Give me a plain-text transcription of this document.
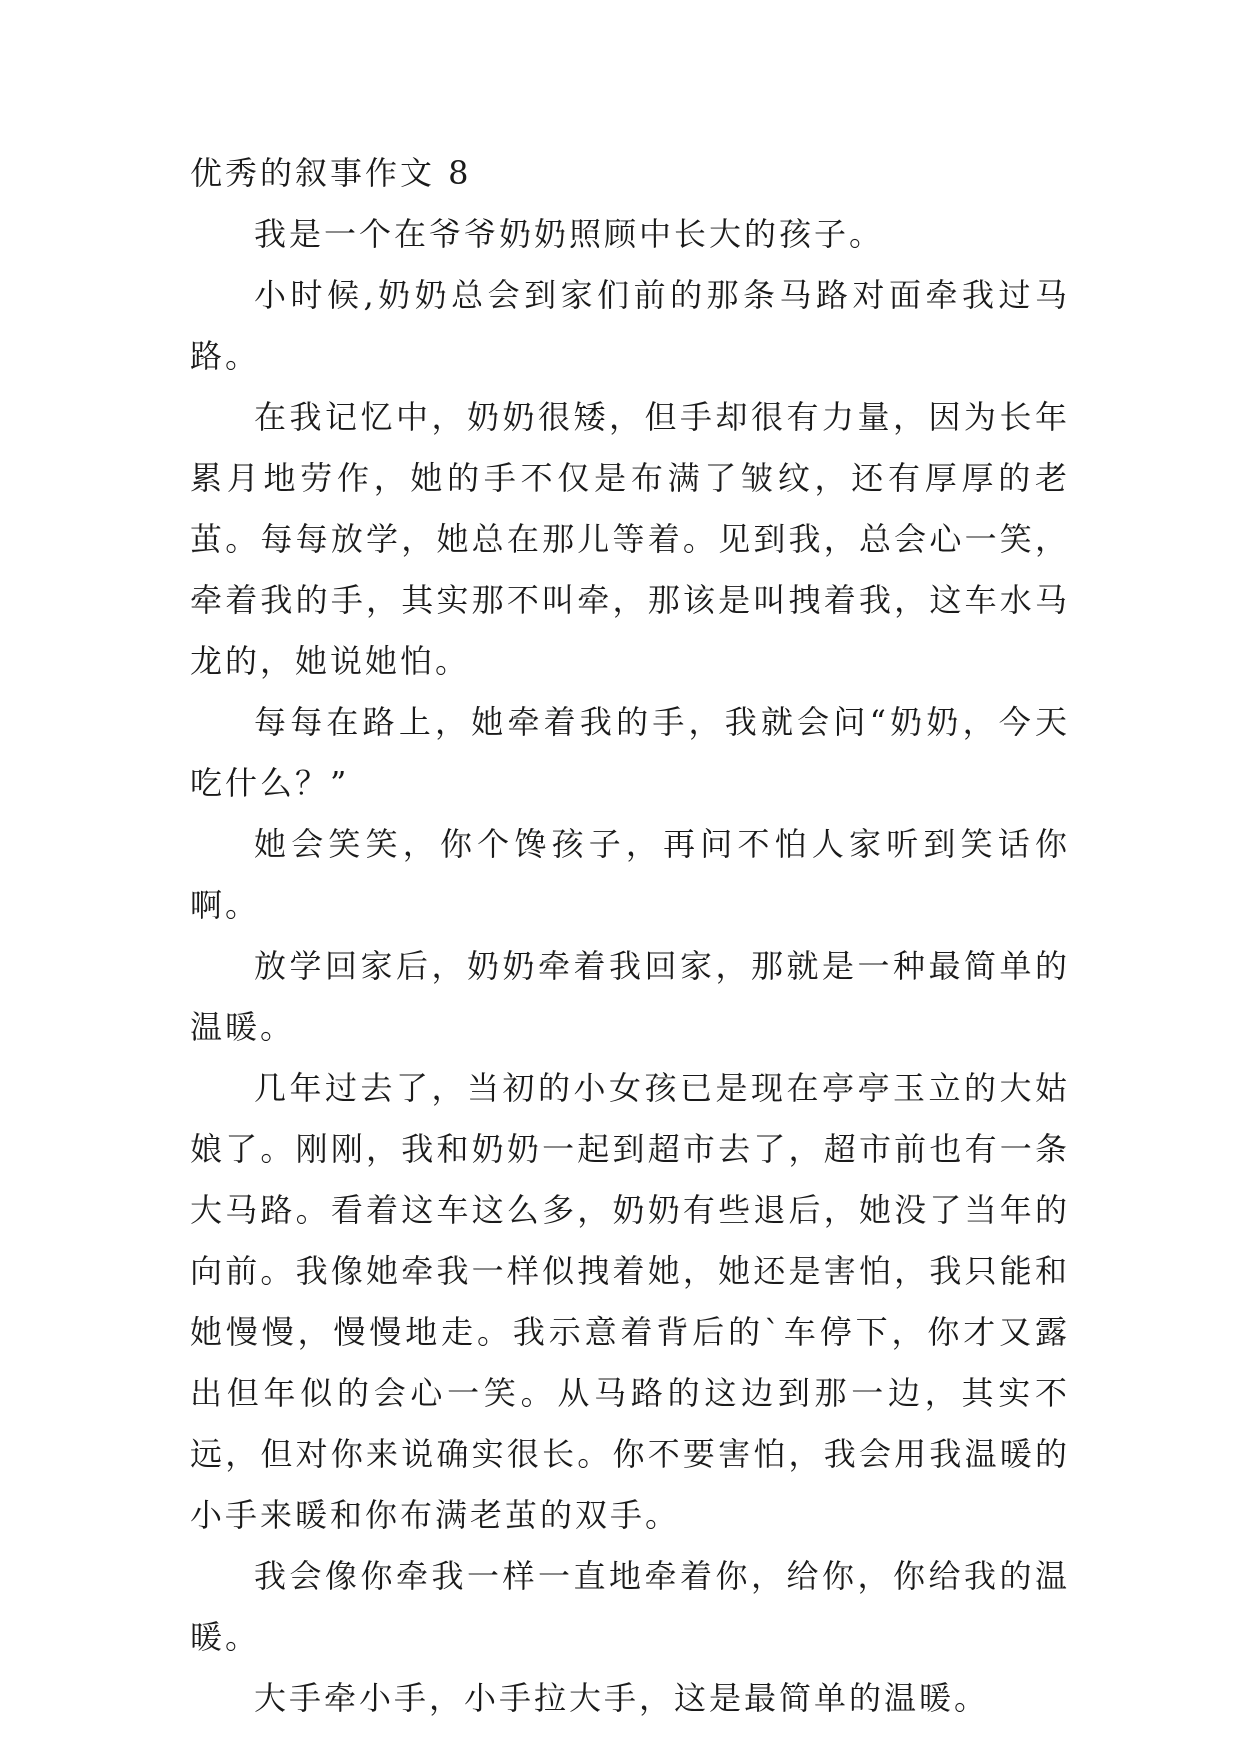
优秀的叙事作文 8

我是一个在爷爷奶奶照顾中长大的孩子。

小时候,奶奶总会到家们前的那条马路对面牵我过马路。

在我记忆中，奶奶很矮，但手却很有力量，因为长年累月地劳作，她的手不仅是布满了皱纹，还有厚厚的老茧。每每放学，她总在那儿等着。见到我，总会心一笑，牵着我的手，其实那不叫牵，那该是叫拽着我，这车水马龙的，她说她怕。

每每在路上，她牵着我的手，我就会问“奶奶，今天吃什么？”

她会笑笑，你个馋孩子，再问不怕人家听到笑话你啊。

放学回家后，奶奶牵着我回家，那就是一种最简单的温暖。

几年过去了，当初的小女孩已是现在亭亭玉立的大姑娘了。刚刚，我和奶奶一起到超市去了，超市前也有一条大马路。看着这车这么多，奶奶有些退后，她没了当年的向前。我像她牵我一样似拽着她，她还是害怕，我只能和她慢慢，慢慢地走。我示意着背后的`车停下，你才又露出但年似的会心一笑。从马路的这边到那一边，其实不远，但对你来说确实很长。你不要害怕，我会用我温暖的小手来暖和你布满老茧的双手。

我会像你牵我一样一直地牵着你，给你，你给我的温暖。

大手牵小手，小手拉大手，这是最简单的温暖。
